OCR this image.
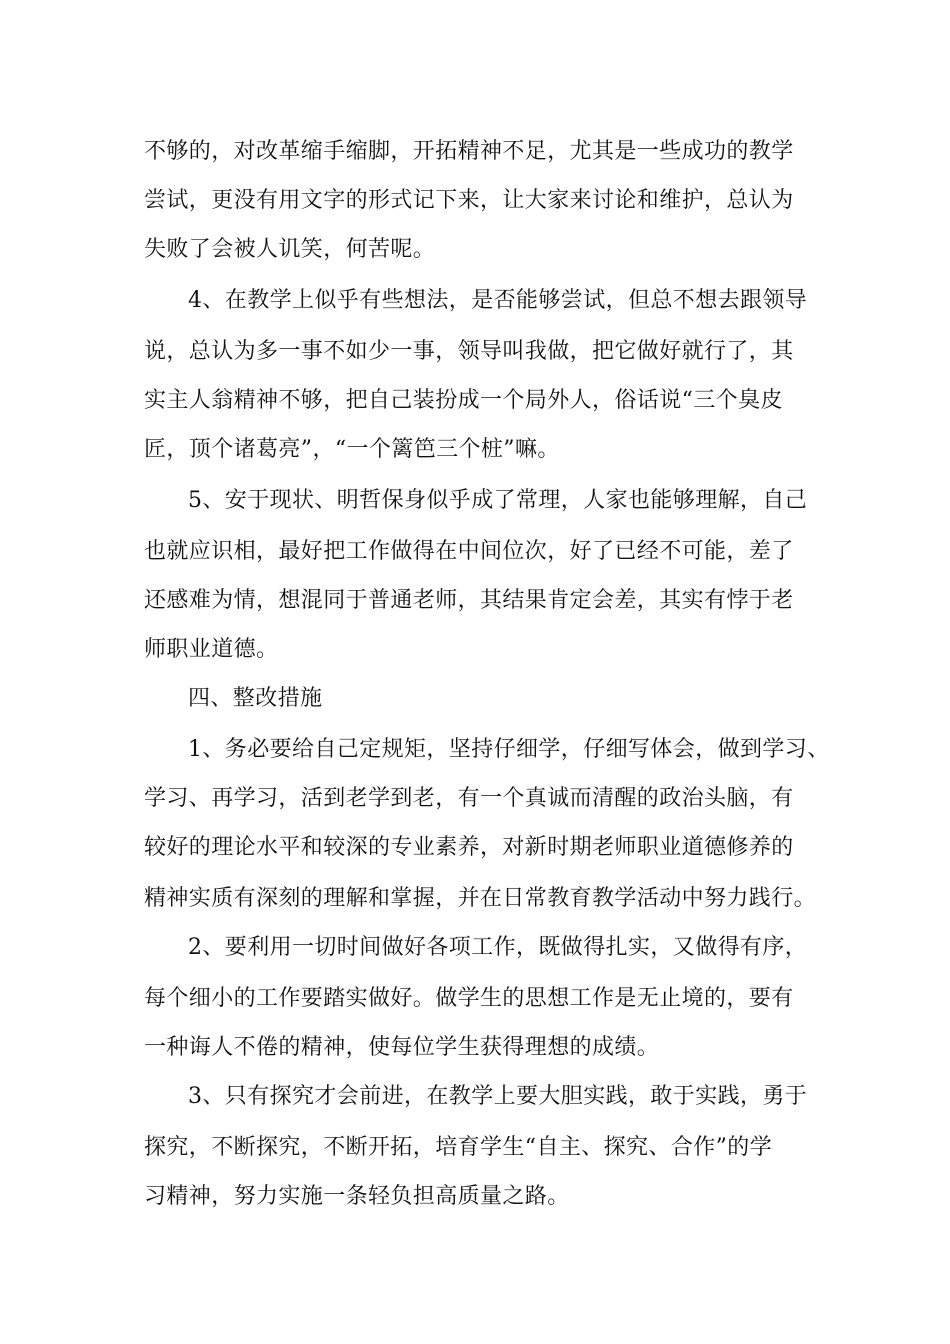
不够的，对改革缩手缩脚，开拓精神不足，尤其是一些成功的教学
尝试，更没有用文字的形式记下来，让大家来讨论和维护，总认为
失败了会被人讥笑，何苦呢。
4、在教学上似乎有些想法，是否能够尝试，但总不想去跟领导
说，总认为多一事不如少一事，领导叫我做，把它做好就行了，其
实主人翁精神不够，把自己装扮成一个局外人，俗话说“三个臭皮
匠，顶个诸葛亮”，“一个篱笆三个桩”嘛。
5、安于现状、明哲保身似乎成了常理，人家也能够理解，自己
也就应识相，最好把工作做得在中间位次，好了已经不可能，差了
还感难为情，想混同于普通老师，其结果肯定会差，其实有悖于老
师职业道德。
四、整改措施
1、务必要给自己定规矩，坚持仔细学，仔细写体会，做到学习、
学习、再学习，活到老学到老，有一个真诚而清醒的政治头脑，有
较好的理论水平和较深的专业素养，对新时期老师职业道德修养的
精神实质有深刻的理解和掌握，并在日常教育教学活动中努力践行。
2、要利用一切时间做好各项工作，既做得扎实，又做得有序，
每个细小的工作要踏实做好。做学生的思想工作是无止境的，要有
一种诲人不倦的精神，使每位学生获得理想的成绩。
3、只有探究才会前进，在教学上要大胆实践，敢于实践，勇于
探究，不断探究，不断开拓，培育学生“自主、探究、合作”的学
习精神，努力实施一条轻负担高质量之路。
